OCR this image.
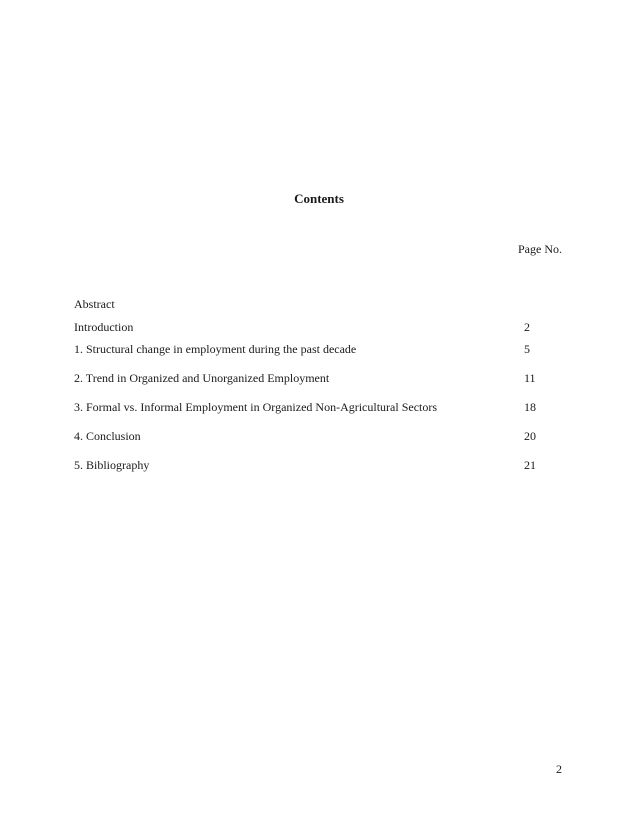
Contents
Page No.
Abstract
Introduction	2
1. Structural change in employment during the past decade	5
2. Trend in Organized and Unorganized Employment	11
3. Formal vs. Informal Employment in Organized Non-Agricultural Sectors	18
4. Conclusion	20
5. Bibliography	21
2
